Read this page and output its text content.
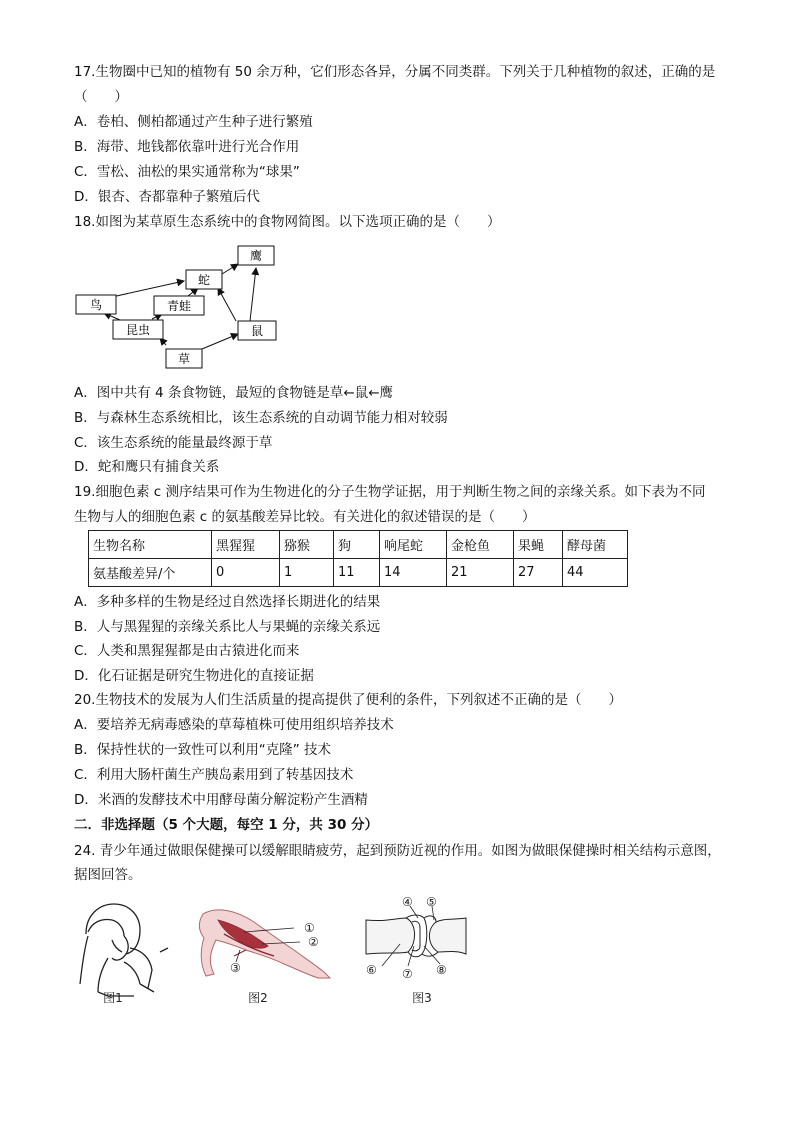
17.生物圈中已知的植物有 50 余万种，它们形态各异，分属不同类群。下列关于几种植物的叙述，正确的是
（　　）
A．卷柏、侧柏都通过产生种子进行繁殖
B．海带、地钱都依靠叶进行光合作用
C．雪松、油松的果实通常称为“球果”
D．银杏、杏都靠种子繁殖后代
18.如图为某草原生态系统中的食物网简图。以下选项正确的是（　　）
鹰
蛇
鸟	青蛙
昆虫	鼠
草
A．图中共有 4 条食物链，最短的食物链是草←鼠←鹰
B．与森林生态系统相比，该生态系统的自动调节能力相对较弱
C．该生态系统的能量最终源于草
D．蛇和鹰只有捕食关系
19.细胞色素 c 测序结果可作为生物进化的分子生物学证据，用于判断生物之间的亲缘关系。如下表为不同
生物与人的细胞色素 c 的氨基酸差异比较。有关进化的叙述错误的是（　　）
生物名称	黑猩猩	猕猴	狗	响尾蛇	金枪鱼	果蝇	酵母菌
氨基酸差异/个	0	1	11	14	21	27	44
A．多种多样的生物是经过自然选择长期进化的结果
B．人与黑猩猩的亲缘关系比人与果蝇的亲缘关系远
C．人类和黑猩猩都是由古猿进化而来
D．化石证据是研究生物进化的直接证据
20.生物技术的发展为人们生活质量的提高提供了便利的条件，下列叙述不正确的是（　　）
A．要培养无病毒感染的草莓植株可使用组织培养技术
B．保持性状的一致性可以利用“克隆” 技术
C．利用大肠杆菌生产胰岛素用到了转基因技术
D．米酒的发酵技术中用酵母菌分解淀粉产生酒精
二．非选择题（5 个大题，每空 1 分，共 30 分）
24. 青少年通过做眼保健操可以缓解眼睛疲劳，起到预防近视的作用。如图为做眼保健操时相关结构示意图，
据图回答。
图1
①
②
③
图2
④ ⑤
⑥ ⑦ ⑧
图3
